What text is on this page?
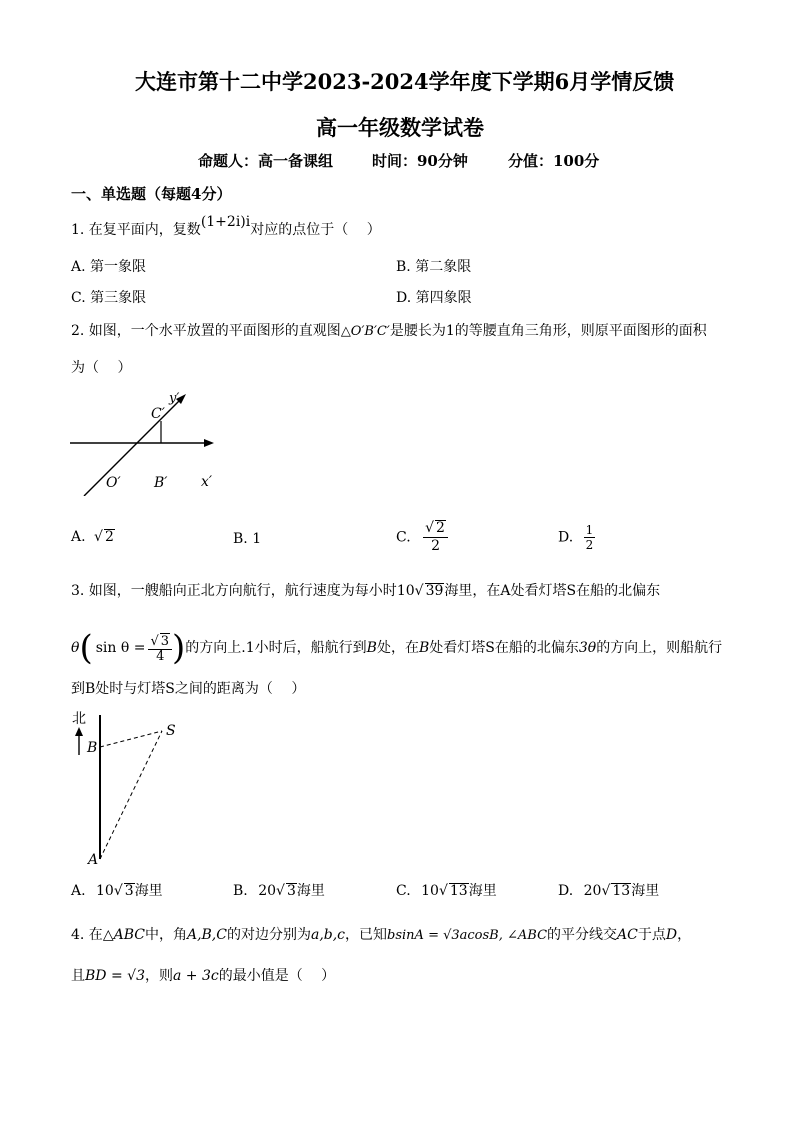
大连市第十二中学2023-2024学年度下学期6月学情反馈
高一年级数学试卷
命题人：高一备课组	时间：90分钟	分值：100分
一、单选题（每题4分）
1. 在复平面内，复数(1+2i)i对应的点位于（　 ）
A. 第一象限	B. 第二象限
C. 第三象限	D. 第四象限
2. 如图，一个水平放置的平面图形的直观图△O′B′C′是腰长为1的等腰直角三角形，则原平面图形的面积
为（　 ）
C′
y′
O′ B′ x′
A. √ 2	B. 1	C. $\frac{√ 2}{2}$	D. $\frac{1}{2}$
3. 如图，一艘船向正北方向航行，航行速度为每小时10√ 39海里，在A处看灯塔S在船的北偏东
θ ( $\sin \theta = \frac{√ 3}{4}$ ) 的方向上.1小时后，船航行到 B 处，在 B 处看灯塔S在船的北偏东 3θ 的方向上，则船航行
到B处时与灯塔S之间的距离为（　 ）
北
B
S
A
A. 10√ 3海里	B. 20√ 3海里	C. 10√ 13海里	D. 20√ 13海里
4. 在△ABC中，角A,B,C的对边分别为a,b,c，已知bsinA = √3acosB, ∠ABC的平分线交AC于点D，
且BD = √3，则a + 3c的最小值是（　 ）
